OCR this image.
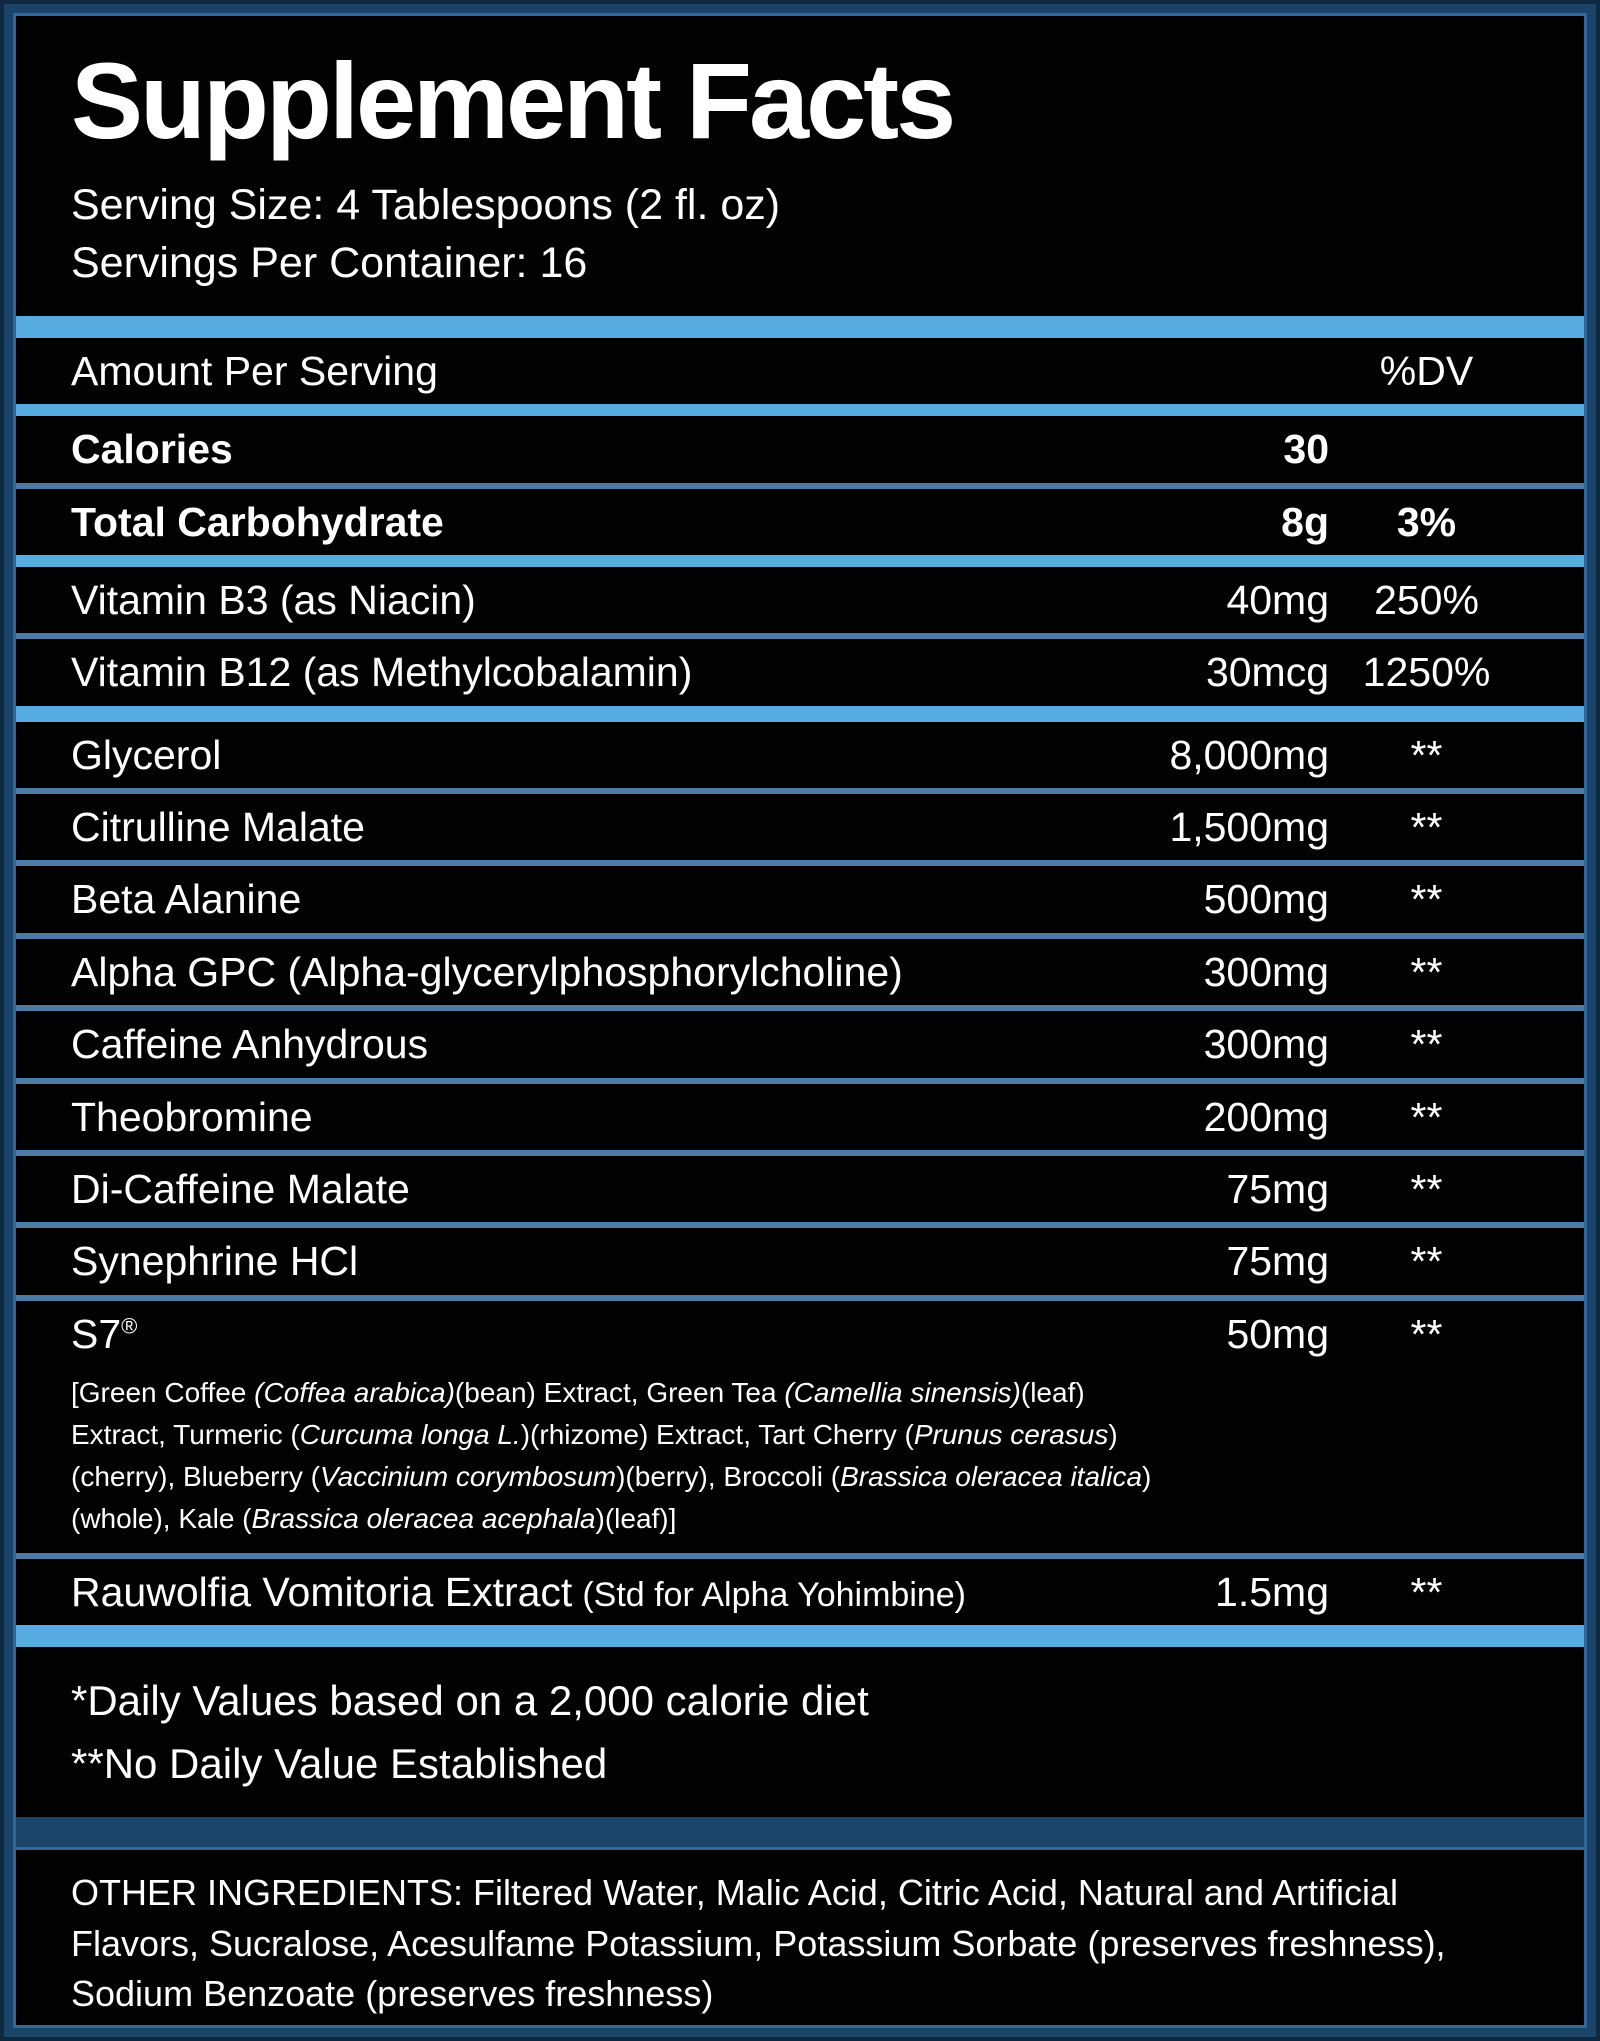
Supplement Facts
Serving Size: 4 Tablespoons (2 fl. oz)
Servings Per Container: 16
Amount Per Serving	%DV
Calories	30
Total Carbohydrate	8g	3%
Vitamin B3 (as Niacin)	40mg	250%
Vitamin B12 (as Methylcobalamin)	30mcg 1250%
Glycerol	8,000mg	**
Citrulline Malate	1,500mg	**
Beta Alanine	500mg	**
Alpha GPC (Alpha-glycerylphosphorylcholine)	300mg	**
Caffeine Anhydrous	300mg	**
Theobromine	200mg	**
Di-Caffeine Malate	75mg	**
Synephrine HCl	75mg	**
S7®	50mg	**

[Green Coffee (Coffea arabica)(bean) Extract, Green Tea (Camellia sinensis)(leaf) Extract, Turmeric (Curcuma longa L.)(rhizome) Extract, Tart Cherry (Prunus cerasus)(cherry), Blueberry (Vaccinium corymbosum)(berry), Broccoli (Brassica oleracea italica)(whole), Kale (Brassica oleracea acephala)(leaf)]

Rauwolfia Vomitoria Extract (Std for Alpha Yohimbine)	1.5mg	**

*Daily Values based on a 2,000 calorie diet

**No Daily Value Established

OTHER INGREDIENTS: Filtered Water, Malic Acid, Citric Acid, Natural and Artificial Flavors, Sucralose, Acesulfame Potassium, Potassium Sorbate (preserves freshness), Sodium Benzoate (preserves freshness)
